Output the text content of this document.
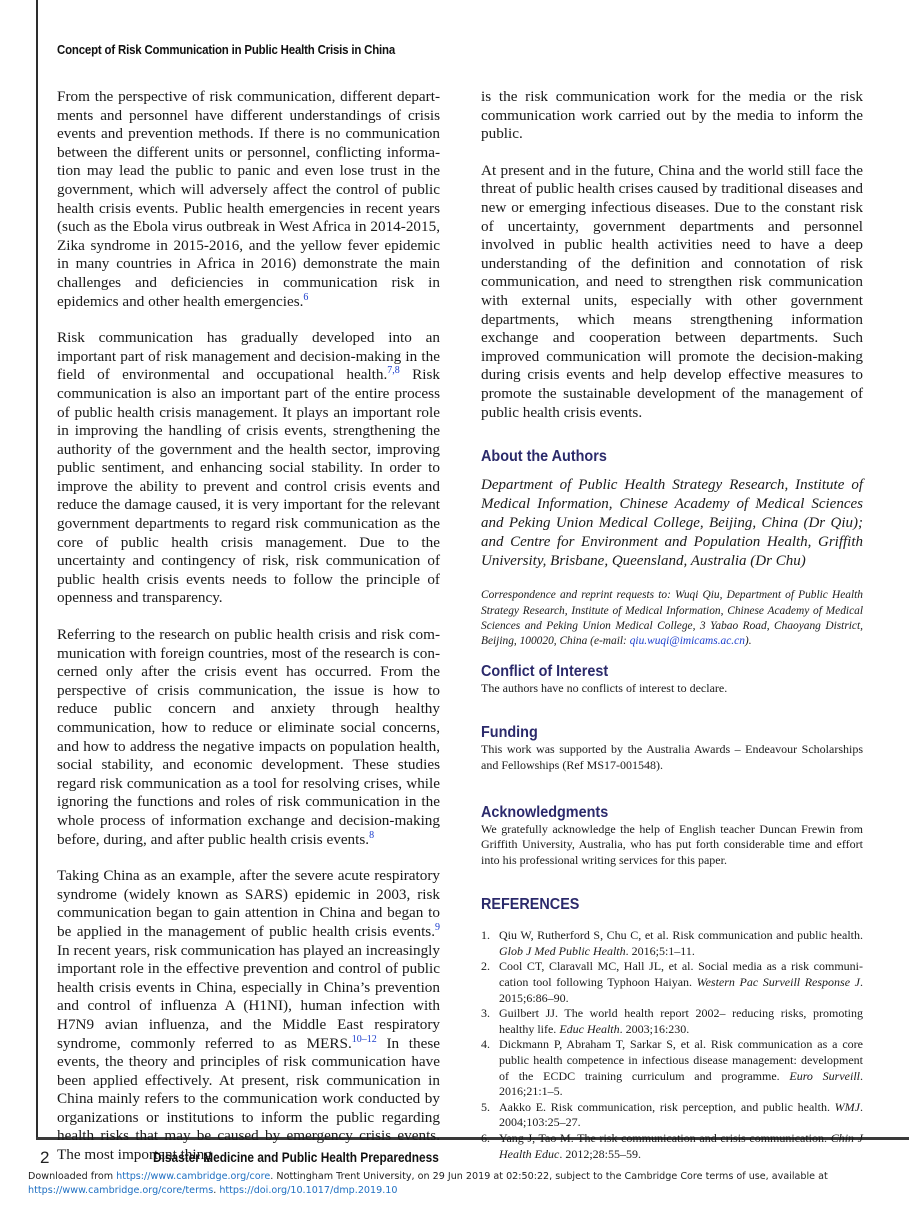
Concept of Risk Communication in Public Health Crisis in China

From the perspective of risk communication, different departments and personnel have different understandings of crisis events and prevention methods. If there is no communication between the different units or personnel, conflicting information may lead the public to panic and even lose trust in the government, which will adversely affect the control of public health crisis events. Public health emergencies in recent years (such as the Ebola virus outbreak in West Africa in 2014-2015, Zika syndrome in 2015-2016, and the yellow fever epidemic in many countries in Africa in 2016) demonstrate the main challenges and deficiencies in communication risk in epidemics and other health emergencies.$^6$

Risk communication has gradually developed into an important part of risk management and decision-making in the field of environmental and occupational health.$^{7,8}$ Risk communication is also an important part of the entire process of public health crisis management. It plays an important role in improving the handling of crisis events, strengthening the authority of the government and the health sector, improving public sentiment, and enhancing social stability. In order to improve the ability to prevent and control crisis events and reduce the damage caused, it is very important for the relevant government departments to regard risk communication as the core of public health crisis management. Due to the uncertainty and contingency of risk, risk communication of public health crisis events needs to follow the principle of openness and transparency.

Referring to the research on public health crisis and risk communication with foreign countries, most of the research is concerned only after the crisis event has occurred. From the perspective of crisis communication, the issue is how to reduce public concern and anxiety through healthy communication, how to reduce or eliminate social concerns, and how to address the negative impacts on population health, social stability, and economic development. These studies regard risk communication as a tool for resolving crises, while ignoring the functions and roles of risk communication in the whole process of information exchange and decision-making before, during, and after public health crisis events.$^8$

Taking China as an example, after the severe acute respiratory syndrome (widely known as SARS) epidemic in 2003, risk communication began to gain attention in China and began to be applied in the management of public health crisis events.$^9$ In recent years, risk communication has played an increasingly important role in the effective prevention and control of public health crisis events in China, especially in China’s prevention and control of influenza A (H1NI), human infection with H7N9 avian influenza, and the Middle East respiratory syndrome, commonly referred to as MERS.$^{10-12}$ In these events, the theory and principles of risk communication have been applied effectively. At present, risk communication in China mainly refers to the communication work conducted by organizations or institutions to inform the public regarding health risks that may be caused by emergency crisis events. The most important thing

is the risk communication work for the media or the risk communication work carried out by the media to inform the public.

At present and in the future, China and the world still face the threat of public health crises caused by traditional diseases and new or emerging infectious diseases. Due to the constant risk of uncertainty, government departments and personnel involved in public health activities need to have a deep understanding of the definition and connotation of risk communication, and need to strengthen risk communication with external units, especially with other government departments, which means strengthening information exchange and cooperation between departments. Such improved communication will promote the decision-making during crisis events and help develop effective measures to promote the sustainable development of the management of public health crisis events.

About the Authors

Department of Public Health Strategy Research, Institute of Medical Information, Chinese Academy of Medical Sciences and Peking Union Medical College, Beijing, China (Dr Qiu); and Centre for Environment and Population Health, Griffith University, Brisbane, Queensland, Australia (Dr Chu)

Correspondence and reprint requests to: Wuqi Qiu, Department of Public Health Strategy Research, Institute of Medical Information, Chinese Academy of Medical Sciences and Peking Union Medical College, 3 Yabao Road, Chaoyang District, Beijing, 100020, China (e-mail: qiu.wuqi@imicams.ac.cn).

Conflict of Interest

The authors have no conflicts of interest to declare.

Funding

This work was supported by the Australia Awards – Endeavour Scholarships and Fellowships (Ref MS17-001548).

Acknowledgments

We gratefully acknowledge the help of English teacher Duncan Frewin from Griffith University, Australia, who has put forth considerable time and effort into his professional writing services for this paper.

REFERENCES
1. Qiu W, Rutherford S, Chu C, et al. Risk communication and public health. Glob J Med Public Health. 2016;5:1–11.
2. Cool CT, Claravall MC, Hall JL, et al. Social media as a risk communication tool following Typhoon Haiyan. Western Pac Surveill Response J. 2015;6:86–90.
3. Guilbert JJ. The world health report 2002– reducing risks, promoting healthy life. Educ Health. 2003;16:230.
4. Dickmann P, Abraham T, Sarkar S, et al. Risk communication as a core public health competence in infectious disease management: development of the ECDC training curriculum and programme. Euro Surveill. 2016;21:1–5.
5. Aakko E. Risk communication, risk perception, and public health. WMJ. 2004;103:25–27.
6. Yang J, Tao M. The risk communication and crisis communication. Chin J Health Educ. 2012;28:55–59.
2	Disaster Medicine and Public Health Preparedness
Downloaded from https://www.cambridge.org/core. Nottingham Trent University, on 29 Jun 2019 at 02:50:22, subject to the Cambridge Core terms of use, available at
https://www.cambridge.org/core/terms. https://doi.org/10.1017/dmp.2019.10
